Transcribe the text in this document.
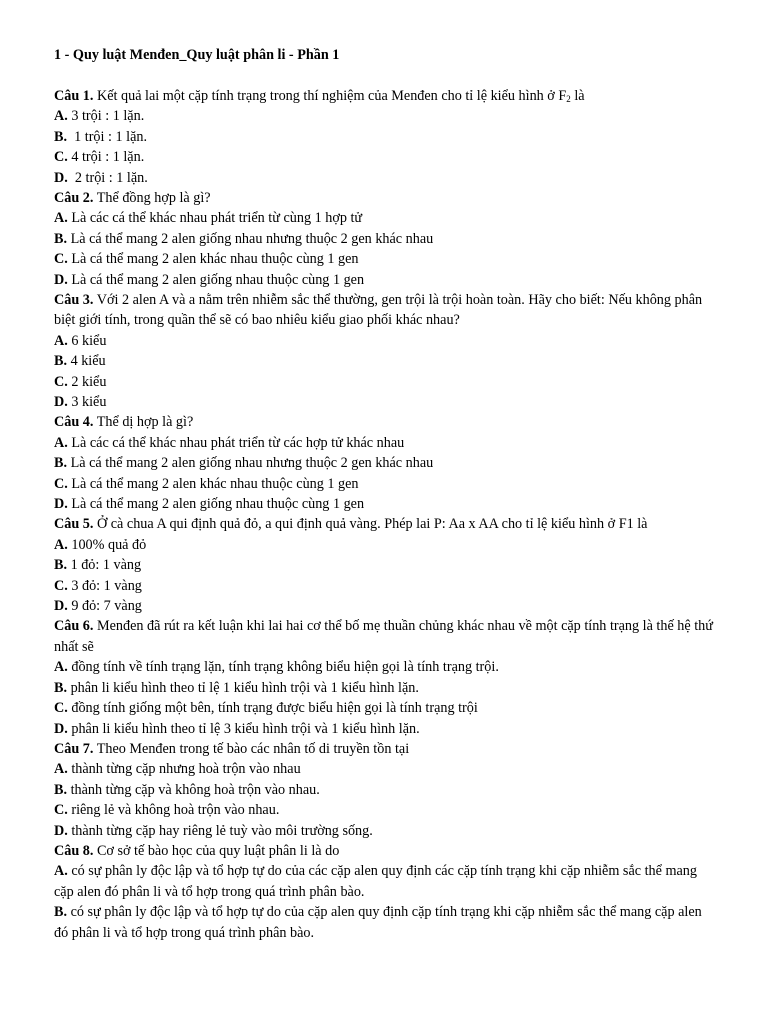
1 - Quy luật Menđen_Quy luật phân li - Phần 1

Câu 1. Kết quả lai một cặp tính trạng trong thí nghiệm của Menđen cho tỉ lệ kiểu hình ở $F_2$ là

A. 3 trội : 1 lặn.

B.  1 trội : 1 lặn.

C. 4 trội : 1 lặn.

D.  2 trội : 1 lặn.

Câu 2. Thể đồng hợp là gì?

A. Là các cá thể khác nhau phát triển từ cùng 1 hợp tử

B. Là cá thể mang 2 alen giống nhau nhưng thuộc 2 gen khác nhau

C. Là cá thể mang 2 alen khác nhau thuộc cùng 1 gen

D. Là cá thể mang 2 alen giống nhau thuộc cùng 1 gen

Câu 3. Với 2 alen A và a nằm trên nhiễm sắc thể thường, gen trội là trội hoàn toàn. Hãy cho biết: Nếu không phân biệt giới tính, trong quần thể sẽ có bao nhiêu kiểu giao phối khác nhau?

A. 6 kiểu

B. 4 kiểu

C. 2 kiểu

D. 3 kiểu

Câu 4. Thể dị hợp là gì?

A. Là các cá thể khác nhau phát triển từ các hợp tử khác nhau

B. Là cá thể mang 2 alen giống nhau nhưng thuộc 2 gen khác nhau

C. Là cá thể mang 2 alen khác nhau thuộc cùng 1 gen

D. Là cá thể mang 2 alen giống nhau thuộc cùng 1 gen

Câu 5. Ở cà chua A qui định quả đỏ, a qui định quả vàng. Phép lai P: Aa x AA cho tỉ lệ kiểu hình ở F1 là

A. 100% quả đỏ

B. 1 đỏ: 1 vàng

C. 3 đỏ: 1 vàng

D. 9 đỏ: 7 vàng

Câu 6. Menđen đã rút ra kết luận khi lai hai cơ thể bố mẹ thuần chủng khác nhau về một cặp tính trạng là thế hệ thứ nhất sẽ

A. đồng tính về tính trạng lặn, tính trạng không biểu hiện gọi là tính trạng trội.

B. phân li kiểu hình theo tỉ lệ 1 kiểu hình trội và 1 kiểu hình lặn.

C. đồng tính giống một bên, tính trạng được biểu hiện gọi là tính trạng trội

D. phân li kiểu hình theo tỉ lệ 3 kiểu hình trội và 1 kiểu hình lặn.

Câu 7. Theo Menđen trong tế bào các nhân tố di truyền tồn tại

A. thành từng cặp nhưng hoà trộn vào nhau

B. thành từng cặp và không hoà trộn vào nhau.

C. riêng lẻ và không hoà trộn vào nhau.

D. thành từng cặp hay riêng lẻ tuỳ vào môi trường sống.

Câu 8. Cơ sở tế bào học của quy luật phân li là do

A. có sự phân ly độc lập và tổ hợp tự do của các cặp alen quy định các cặp tính trạng khi cặp nhiễm sắc thể mang cặp alen đó phân li và tổ hợp trong quá trình phân bào.

B. có sự phân ly độc lập và tổ hợp tự do của cặp alen quy định cặp tính trạng khi cặp nhiễm sắc thể mang cặp alen đó phân li và tổ hợp trong quá trình phân bào.
